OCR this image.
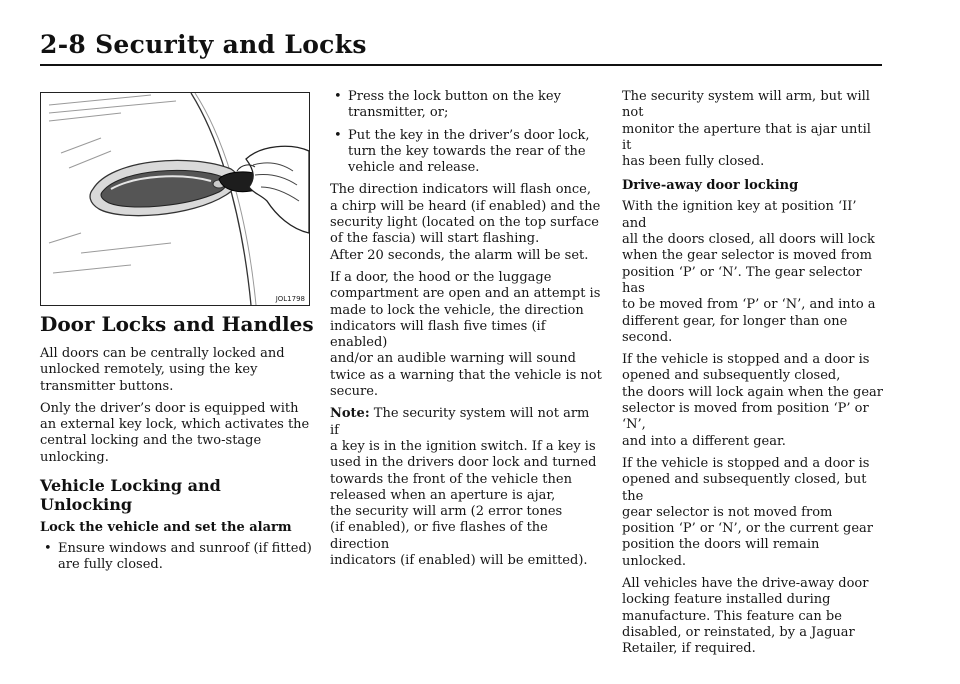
2-8 Security and Locks
JOL1798
Door Locks and Handles

All doors can be centrally locked and
unlocked remotely, using the key
transmitter buttons.

Only the driver’s door is equipped with
an external key lock, which activates the
central locking and the two-stage
unlocking.

Vehicle Locking and
Unlocking
Lock the vehicle and set the alarm
• Ensure windows and sunroof (if fitted)
are fully closed.
• Press the lock button on the key
transmitter, or;
• Put the key in the driver’s door lock,
turn the key towards the rear of the
vehicle and release.

The direction indicators will flash once,
a chirp will be heard (if enabled) and the
security light (located on the top surface
of the fascia) will start flashing.
After 20 seconds, the alarm will be set.

If a door, the hood or the luggage
compartment are open and an attempt is
made to lock the vehicle, the direction
indicators will flash five times (if enabled)
and/or an audible warning will sound
twice as a warning that the vehicle is not
secure.

Note: The security system will not arm if
a key is in the ignition switch. If a key is
used in the drivers door lock and turned
towards the front of the vehicle then
released when an aperture is ajar,
the security will arm (2 error tones
(if enabled), or five flashes of the direction
indicators (if enabled) will be emitted).

The security system will arm, but will not
monitor the aperture that is ajar until it
has been fully closed.

Drive-away door locking

With the ignition key at position ‘II’ and
all the doors closed, all doors will lock
when the gear selector is moved from
position ‘P’ or ‘N’. The gear selector has
to be moved from ‘P’ or ‘N’, and into a
different gear, for longer than one
second.

If the vehicle is stopped and a door is
opened and subsequently closed,
the doors will lock again when the gear
selector is moved from position ‘P’ or ‘N’,
and into a different gear.

If the vehicle is stopped and a door is
opened and subsequently closed, but the
gear selector is not moved from
position ‘P’ or ‘N’, or the current gear
position the doors will remain unlocked.

All vehicles have the drive-away door
locking feature installed during
manufacture. This feature can be
disabled, or reinstated, by a Jaguar
Retailer, if required.
